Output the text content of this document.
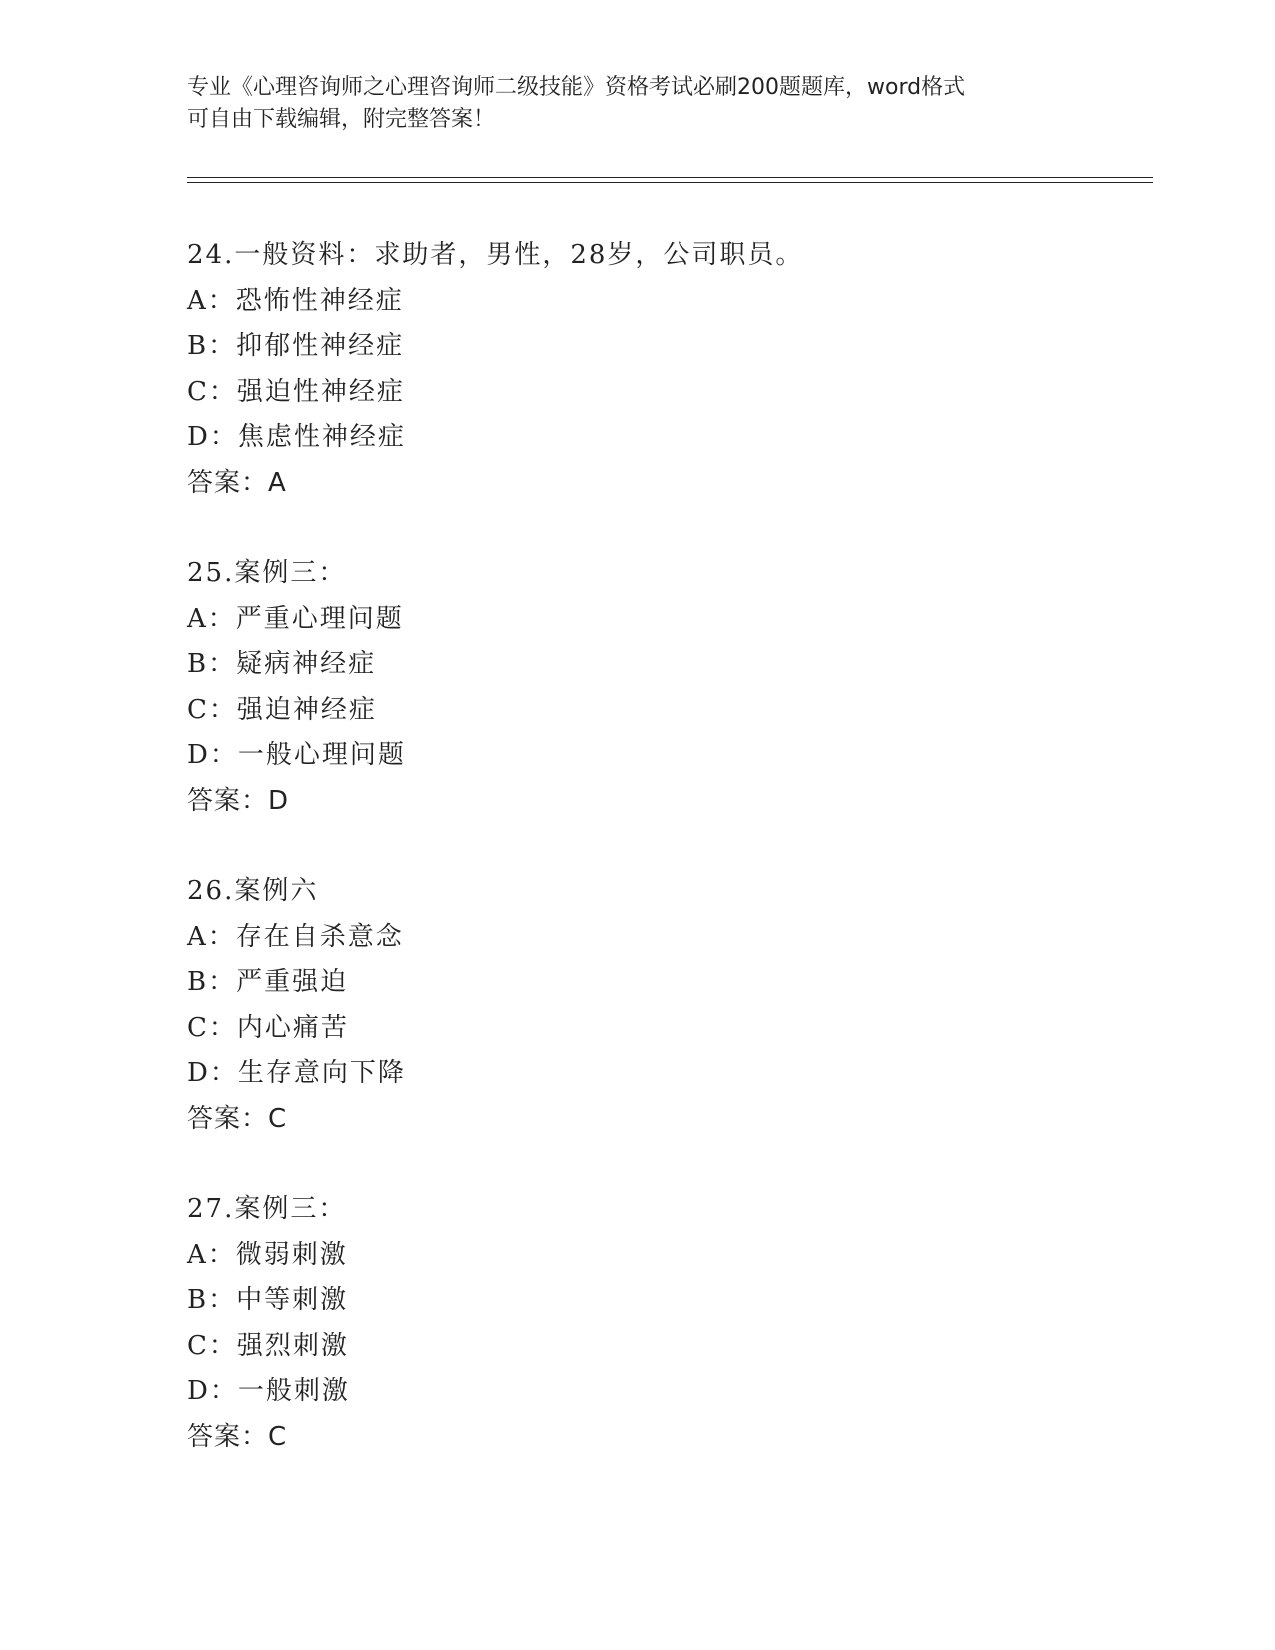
专业《心理咨询师之心理咨询师二级技能》资格考试必刷200题题库，word格式
可自由下载编辑，附完整答案！
24.一般资料：求助者，男性，28岁，公司职员。
A：恐怖性神经症
B：抑郁性神经症
C：强迫性神经症
D：焦虑性神经症
答案：A
25.案例三：
A：严重心理问题
B：疑病神经症
C：强迫神经症
D：一般心理问题
答案：D
26.案例六
A：存在自杀意念
B：严重强迫
C：内心痛苦
D：生存意向下降
答案：C
27.案例三：
A：微弱刺激
B：中等刺激
C：强烈刺激
D：一般刺激
答案：C
